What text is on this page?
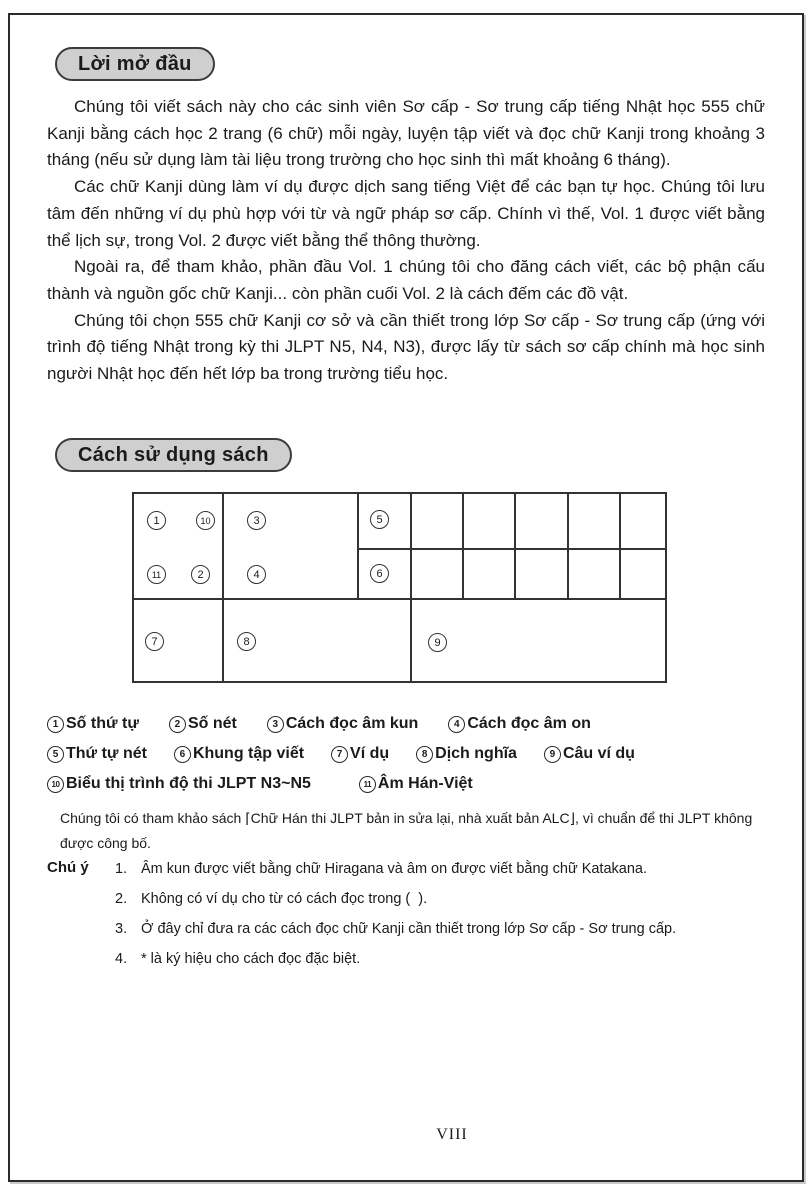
Lời mở đầu

Chúng tôi viết sách này cho các sinh viên Sơ cấp - Sơ trung cấp tiếng Nhật học 555 chữ Kanji bằng cách học 2 trang (6 chữ) mỗi ngày, luyện tập viết và đọc chữ Kanji trong khoảng 3 tháng (nếu sử dụng làm tài liệu trong trường cho học sinh thì mất khoảng 6 tháng).

Các chữ Kanji dùng làm ví dụ được dịch sang tiếng Việt để các bạn tự học. Chúng tôi lưu tâm đến những ví dụ phù hợp với từ và ngữ pháp sơ cấp. Chính vì thế, Vol. 1 được viết bằng thể lịch sự, trong Vol. 2 được viết bằng thể thông thường.

Ngoài ra, để tham khảo, phần đầu Vol. 1 chúng tôi cho đăng cách viết, các bộ phận cấu thành và nguồn gốc chữ Kanji... còn phần cuối Vol. 2 là cách đếm các đồ vật.

Chúng tôi chọn 555 chữ Kanji cơ sở và cần thiết trong lớp Sơ cấp - Sơ trung cấp (ứng với trình độ tiếng Nhật trong kỳ thi JLPT N5, N4, N3), được lấy từ sách sơ cấp chính mà học sinh người Nhật học đến hết lớp ba trong trường tiểu học.

Cách sử dụng sách
1	10
11	2
3
4
5
6
7	8	9
1 Số thứ tự	2 Số nét	3 Cách đọc âm kun	4 Cách đọc âm on
5 Thứ tự nét	6 Khung tập viết	7 Ví dụ	8 Dịch nghĩa	9 Câu ví dụ
10 Biểu thị trình độ thi JLPT N3~N5	11 Âm Hán-Việt
Chúng tôi có tham khảo sách ⌈Chữ Hán thi JLPT bản in sửa lại, nhà xuất bản ALC⌋, vì chuẩn để thi JLPT không được công bố.
Chú ý 1. Âm kun được viết bằng chữ Hiragana và âm on được viết bằng chữ Katakana.
2. Không có ví dụ cho từ có cách đọc trong (  ).
3. Ở đây chỉ đưa ra các cách đọc chữ Kanji cần thiết trong lớp Sơ cấp - Sơ trung cấp.
4. * là ký hiệu cho cách đọc đặc biệt.
VIII
